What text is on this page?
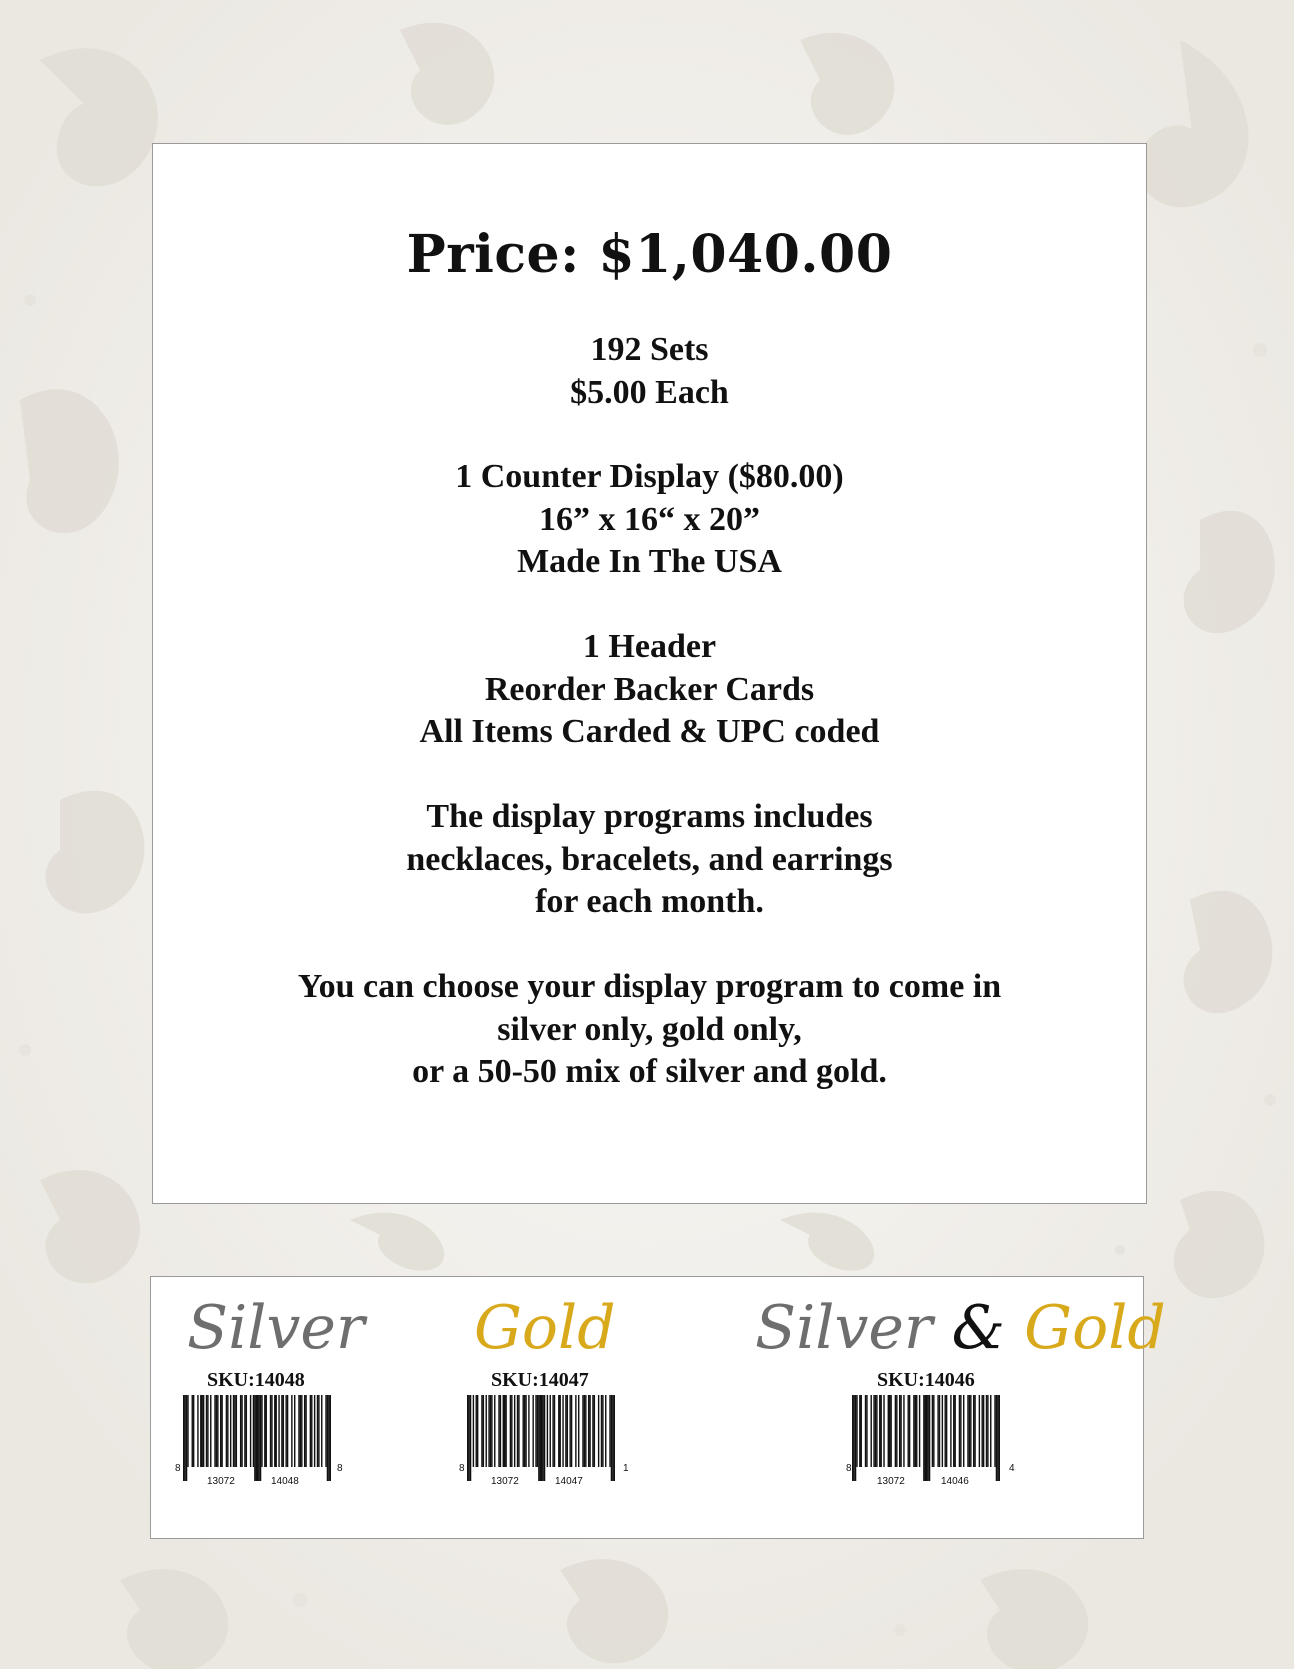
Price: $1,040.00
192 Sets
$5.00 Each
1 Counter Display ($80.00)
16” x 16“ x 20”
Made In The USA
1 Header
Reorder Backer Cards
All Items Carded & UPC coded
The display programs includes
necklaces, bracelets, and earrings
for each month.
You can choose your display program to come in
silver only, gold only,
or a 50-50 mix of silver and gold.
Silver
SKU:14048
8
13072	14048
8
Gold
SKU:14047
8
13072	14047
1
Silver & Gold
SKU:14046
8
13072	14046
4
